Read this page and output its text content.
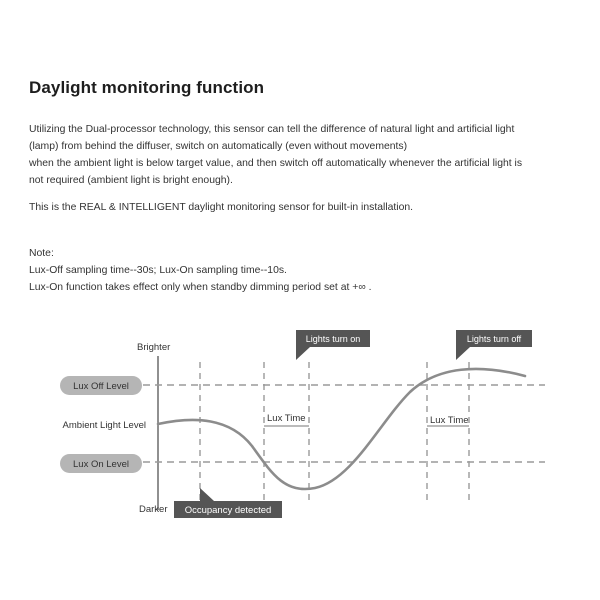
Daylight monitoring function
Utilizing the Dual-processor technology, this sensor can tell the difference of natural light and artificial light
(lamp) from behind the diffuser, switch on automatically (even without movements)
when the ambient light is below target value, and then switch off automatically whenever the artificial light is
not required (ambient light is bright enough).
This is the REAL & INTELLIGENT daylight monitoring sensor for built-in installation.
Note:
Lux-Off sampling time--30s; Lux-On sampling time--10s.
Lux-On function takes effect only when standby dimming period set at +∞ .
Lux Time	Lux Time
Brighter
Darker
Ambient Light Level
Lux Off Level
Lux On Level
Lights turn on	Lights turn off
Occupancy detected
